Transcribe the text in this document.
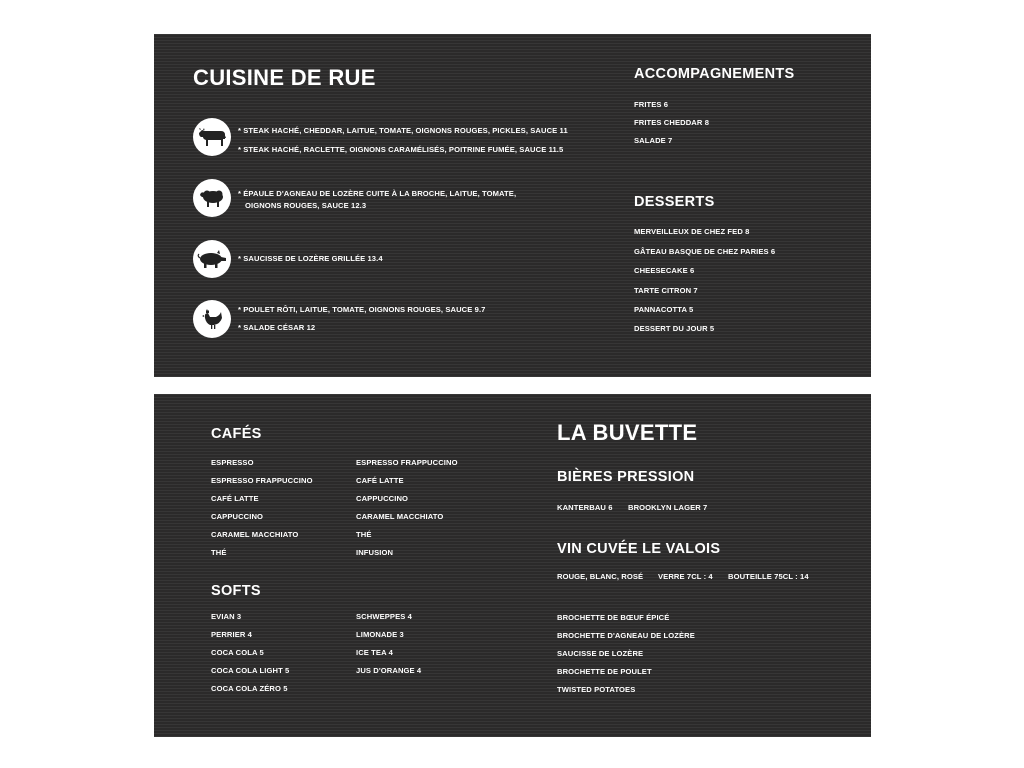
CUISINE DE RUE
* STEAK HACHÉ, CHEDDAR, LAITUE, TOMATE, OIGNONS ROUGES, PICKLES, SAUCE 11
* STEAK HACHÉ, RACLETTE, OIGNONS CARAMÉLISÉS, POITRINE FUMÉE, SAUCE 11.5
* ÉPAULE D'AGNEAU DE LOZÈRE CUITE À LA BROCHE, LAITUE, TOMATE,
OIGNONS ROUGES, SAUCE 12.3
* SAUCISSE DE LOZÈRE GRILLÉE 13.4
* POULET RÔTI, LAITUE, TOMATE, OIGNONS ROUGES, SAUCE 9.7
* SALADE CÉSAR 12
ACCOMPAGNEMENTS
FRITES 6
FRITES CHEDDAR 8
SALADE 7
DESSERTS
MERVEILLEUX DE CHEZ FED 8
GÂTEAU BASQUE DE CHEZ PARIES 6
CHEESECAKE 6
TARTE CITRON 7
PANNACOTTA 5
DESSERT DU JOUR 5
CAFÉS
ESPRESSO
ESPRESSO FRAPPUCCINO
CAFÉ LATTE
CAPPUCCINO
CARAMEL MACCHIATO
THÉ
ESPRESSO FRAPPUCCINO
CAFÉ LATTE
CAPPUCCINO
CARAMEL MACCHIATO
THÉ
INFUSION
SOFTS
EVIAN 3
PERRIER 4
COCA COLA 5
COCA COLA LIGHT 5
COCA COLA ZÉRO 5
SCHWEPPES 4
LIMONADE 3
ICE TEA 4
JUS D'ORANGE 4
LA BUVETTE
BIÈRES PRESSION
KANTERBAU 6 BROOKLYN LAGER 7
VIN CUVÉE LE VALOIS
ROUGE, BLANC, ROSÉ VERRE 7CL : 4 BOUTEILLE 75CL : 14
BROCHETTE DE BŒUF ÉPICÉ
BROCHETTE D'AGNEAU DE LOZÈRE
SAUCISSE DE LOZÈRE
BROCHETTE DE POULET
TWISTED POTATOES
